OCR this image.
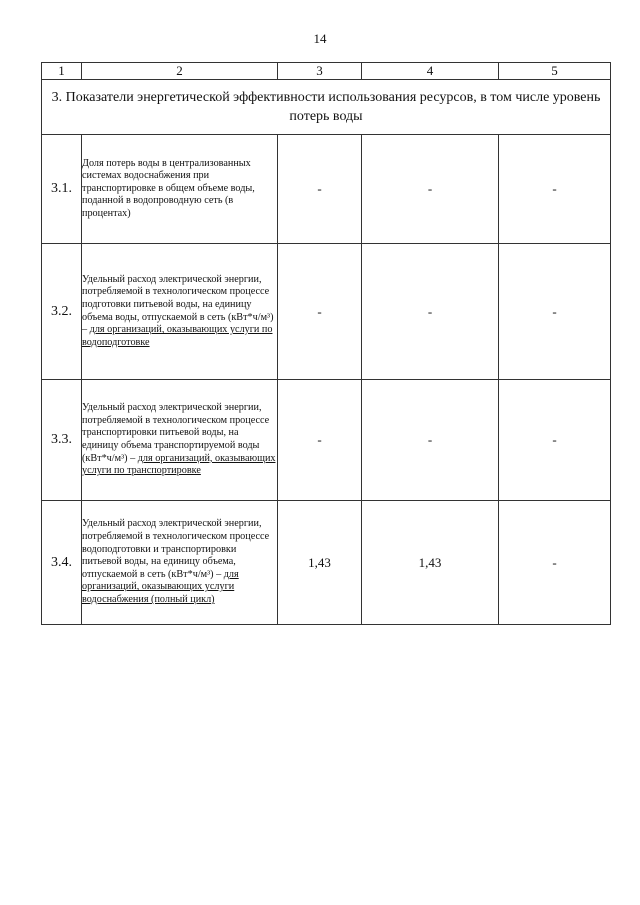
14
1	2	3	4	5
3. Показатели энергетической эффективности использования ресурсов, в том числе уровень потерь воды				
3.1.	Доля потерь воды в централизованных системах водоснабжения при транспортировке в общем объеме воды, поданной в водопроводную сеть (в процентах)	-	-	-
3.2.	Удельный расход электрической энергии, потребляемой в технологическом процессе подготовки питьевой воды, на единицу объема воды, отпускаемой в сеть (кВт*ч/м³) – для организаций, оказывающих услуги по водоподготовке	-	-	-
3.3.	Удельный расход электрической энергии, потребляемой в технологическом процессе транспортировки питьевой воды, на единицу объема транспортируемой воды (кВт*ч/м³) – для организаций, оказывающих услуги по транспортировке	-	-	-
3.4.	Удельный расход электрической энергии, потребляемой в технологическом процессе водоподготовки и транспортировки питьевой воды, на единицу объема, отпускаемой в сеть (кВт*ч/м³) – для организаций, оказывающих услуги водоснабжения (полный цикл)	1,43	1,43	-
